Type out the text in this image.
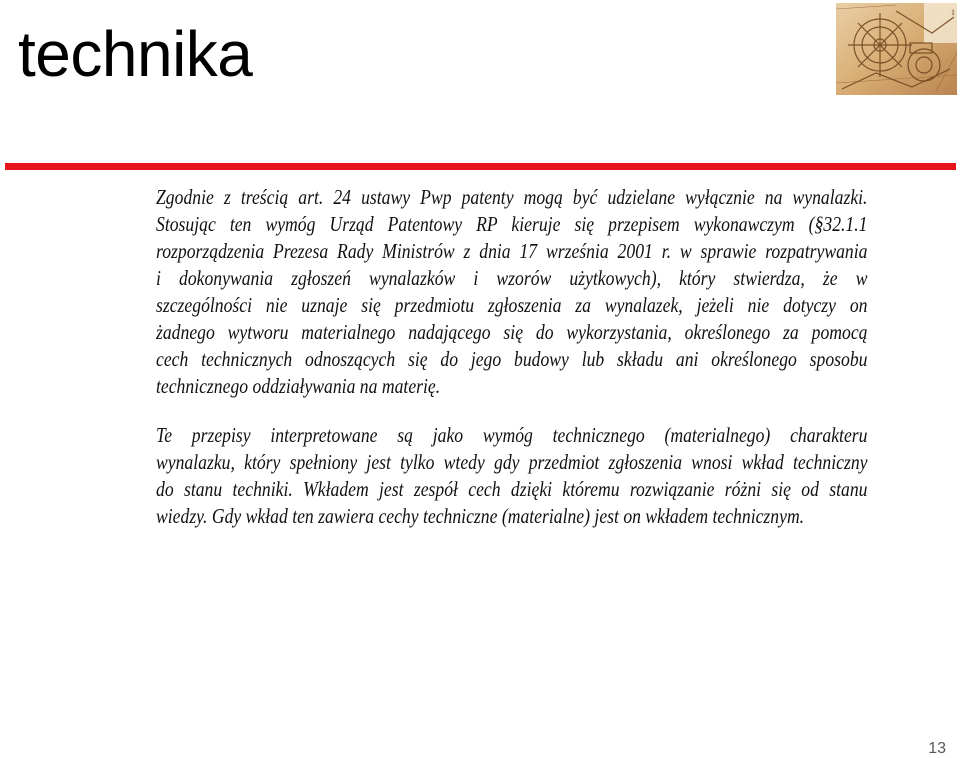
technika
1
Zgodnie z treścią art. 24 ustawy Pwp patenty mogą być udzielane wyłącznie na wynalazki.
Stosując ten wymóg Urząd Patentowy RP kieruje się przepisem wykonawczym (§32.1.1
rozporządzenia Prezesa Rady Ministrów z dnia 17 września 2001 r. w sprawie rozpatrywania
i dokonywania zgłoszeń wynalazków i wzorów użytkowych), który stwierdza, że w
szczególności nie uznaje się przedmiotu zgłoszenia za wynalazek, jeżeli nie dotyczy on
żadnego wytworu materialnego nadającego się do wykorzystania, określonego za pomocą
cech technicznych odnoszących się do jego budowy lub składu ani określonego sposobu
technicznego oddziaływania na materię.
Te przepisy interpretowane są jako wymóg technicznego (materialnego) charakteru
wynalazku, który spełniony jest tylko wtedy gdy przedmiot zgłoszenia wnosi wkład techniczny
do stanu techniki. Wkładem jest zespół cech dzięki któremu rozwiązanie różni się od stanu
wiedzy. Gdy wkład ten zawiera cechy techniczne (materialne) jest on wkładem technicznym.
13
